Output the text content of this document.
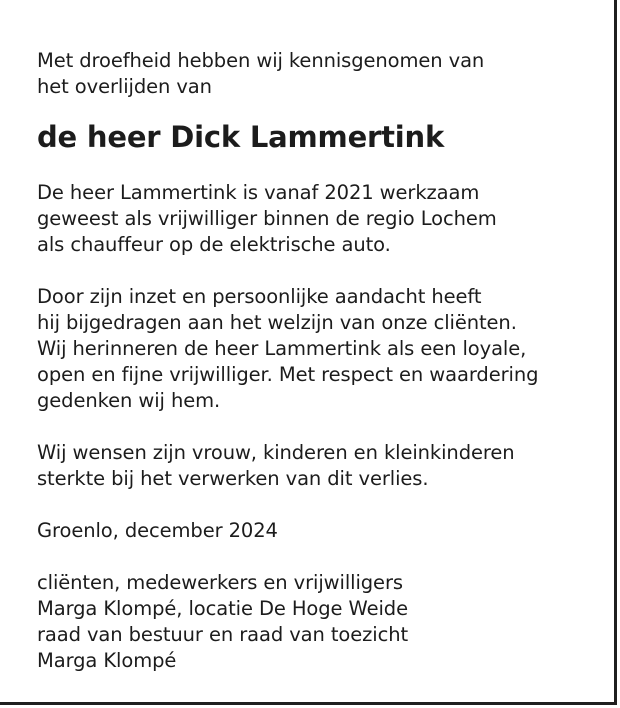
Met droefheid hebben wij kennisgenomen van
het overlijden van

de heer Dick Lammertink

De heer Lammertink is vanaf 2021 werkzaam
geweest als vrijwilliger binnen de regio Lochem
als chauffeur op de elektrische auto.

Door zijn inzet en persoonlijke aandacht heeft
hij bijgedragen aan het welzijn van onze cliënten.
Wij herinneren de heer Lammertink als een loyale,
open en fijne vrijwilliger. Met respect en waardering
gedenken wij hem.

Wij wensen zijn vrouw, kinderen en kleinkinderen
sterkte bij het verwerken van dit verlies.

Groenlo, december 2024

cliënten, medewerkers en vrijwilligers
Marga Klompé, locatie De Hoge Weide
raad van bestuur en raad van toezicht
Marga Klompé
